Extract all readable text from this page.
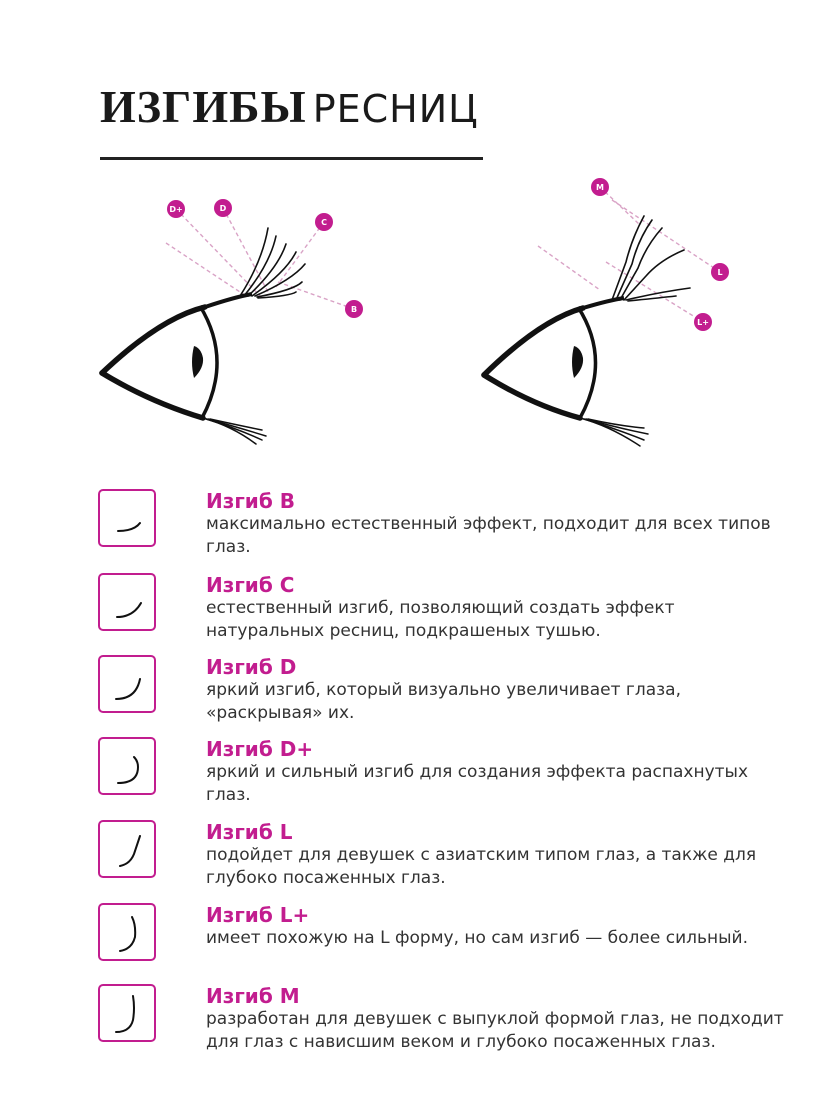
ИЗГИБЫ РЕСНИЦ
D+	D
C
B
M
L
L+
Изгиб B
максимально естественный эффект, подходит для всех типов глаз.
Изгиб C
естественный изгиб, позволяющий создать эффект натуральных ресниц, подкрашеных тушью.
Изгиб D
яркий изгиб, который визуально увеличивает глаза, «раскрывая» их.
Изгиб D+
яркий и сильный изгиб для создания эффекта распахнутых глаз.
Изгиб L
подойдет для девушек с азиатским типом глаз, а также для глубоко посаженных глаз.
Изгиб L+
имеет похожую на L форму, но сам изгиб — более сильный.
Изгиб M
разработан для девушек с выпуклой формой глаз, не подходит для глаз с нависшим веком и глубоко посаженных глаз.
